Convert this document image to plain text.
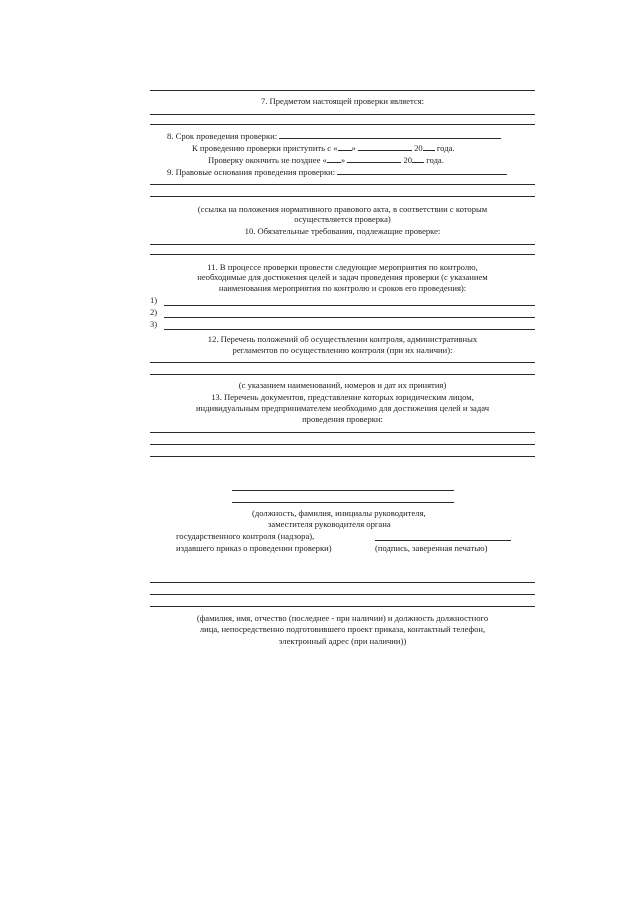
7. Предметом настоящей проверки является:
8. Срок проведения проверки:
К проведению проверки приступить с « »	20 года.
Проверку окончить не позднее « »	20 года.
9. Правовые основания проведения проверки:
(ссылка на положения нормативного правового акта, в соответствии с которым
осуществляется проверка)
10. Обязательные требования, подлежащие проверке:
11. В процессе проверки провести следующие мероприятия по контролю,
необходимые для достижения целей и задач проведения проверки (с указанием
наименования мероприятия по контролю и сроков его проведения):
1)
2)
3)
12. Перечень положений об осуществлении контроля, административных
регламентов по осуществлению контроля (при их наличии):
(с указанием наименований, номеров и дат их принятия)
13. Перечень документов, представление которых юридическим лицом,
индивидуальным предпринимателем необходимо для достижения целей и задач
проведения проверки:
(должность, фамилия, инициалы руководителя,
заместителя руководителя органа
государственного контроля (надзора),
издавшего приказ о проведении проверки)	(подпись, заверенная печатью)
(фамилия, имя, отчество (последнее - при наличии) и должность должностного
лица, непосредственно подготовившего проект приказа, контактный телефон,
электронный адрес (при наличии))
